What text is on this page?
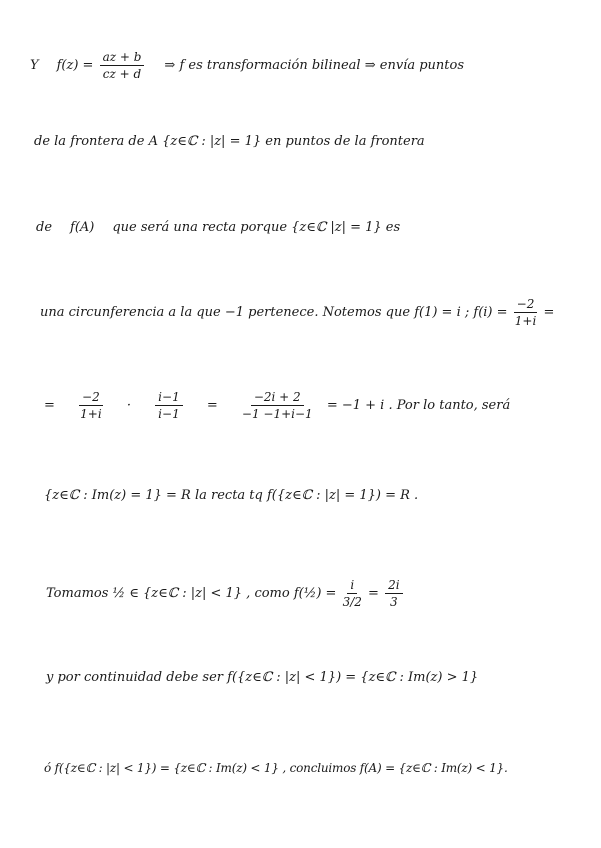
Y $f(z) = \frac{az + b}{cz + d}$ ⇒ f es transformación bilineal ⇒ envía puntos
de la frontera de A {z∈ℂ : |z| = 1} en puntos de la frontera
de f(A) que será una recta porque {z∈ℂ |z| = 1} es
una circunferencia a la que −1 pertenece. Notemos que f(1) = i ; $f(i) = \frac{-2}{1+i}$ =
= $\frac{-2}{1+i} \cdot \frac{i-1}{i-1} = \frac{-2i + 2}{-1 -1+i-1} = -1 + i$ . Por lo tanto, será
{z∈ℂ : Im(z) = 1} = R la recta tq f({z∈ℂ : |z| = 1}) = R .
Tomamos ½ ∈ {z∈ℂ : |z| < 1} , como f(½) = $\frac{i}{3/2} = \frac{2i}{3}$
y por continuidad debe ser f({z∈ℂ : |z| < 1}) = {z∈ℂ : Im(z) > 1}
ó f({z∈ℂ : |z| < 1}) = {z∈ℂ : Im(z) < 1} , concluimos f(A) = {z∈ℂ : Im(z) < 1}.
